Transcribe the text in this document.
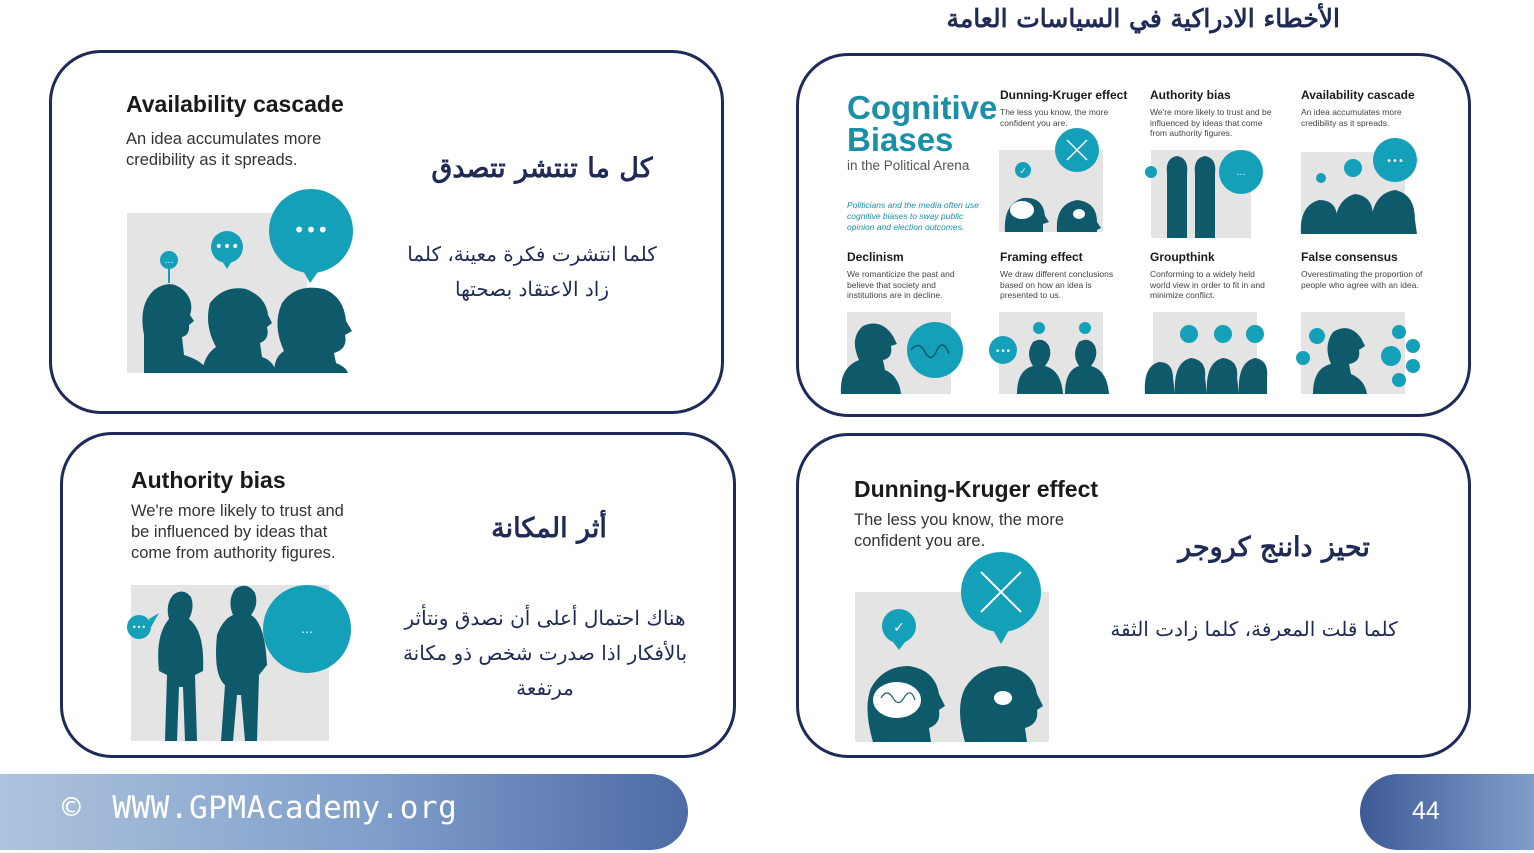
الأخطاء الادراكية في السياسات العامة
Availability cascade
An idea accumulates more credibility as it spreads.
…
•••
•••
كل ما تنتشر تتصدق
كلما انتشرت فكرة معينة، كلما زاد الاعتقاد بصحتها
Cognitive Biases
in the Political Arena
Politicians and the media often use cognitive biases to sway public opinion and election outcomes.
Dunning-Kruger effect
The less you know, the more confident you are.
Authority bias
We're more likely to trust and be influenced by ideas that come from authority figures.
Availability cascade
An idea accumulates more credibility as it spreads.
✓	…
•••
Declinism
We romanticize the past and believe that society and institutions are in decline.
Framing effect
We draw different conclusions based on how an idea is presented to us.
Groupthink
Conforming to a widely held world view in order to fit in and minimize conflict.
False consensus
Overestimating the proportion of people who agree with an idea.
•••
Authority bias
We're more likely to trust and be influenced by ideas that come from authority figures.
•••	…
أثر المكانة
هناك احتمال أعلى أن نصدق ونتأثر بالأفكار اذا صدرت شخص ذو مكانة مرتفعة
Dunning-Kruger effect
The less you know, the more confident you are.
✓
تحيز داننج كروجر
كلما قلت المعرفة، كلما زادت الثقة
© WWW.GPMAcademy.org	44
